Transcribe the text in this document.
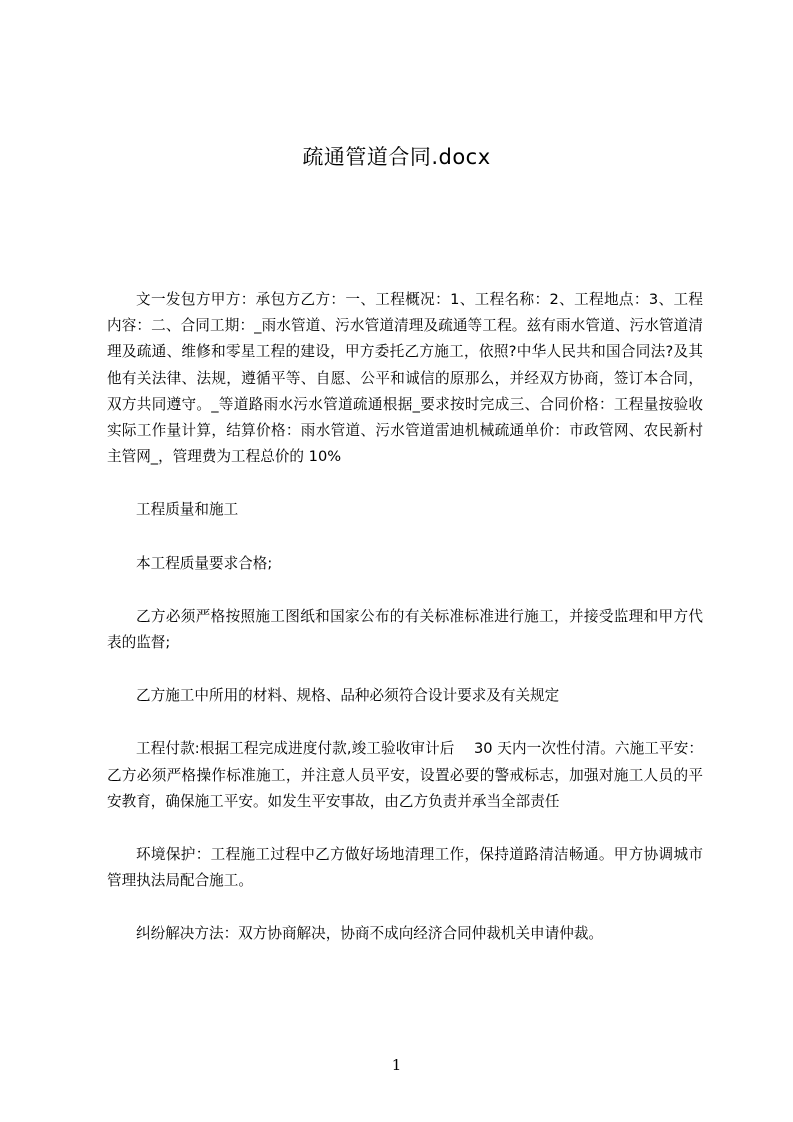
疏通管道合同.docx

文一发包方甲方：承包方乙方：一、工程概况：1、工程名称：2、工程地点：3、工程内容：二、合同工期：_雨水管道、污水管道清理及疏通等工程。兹有雨水管道、污水管道清理及疏通、维修和零星工程的建设，甲方委托乙方施工，依照?中华人民共和国合同法?及其他有关法律、法规，遵循平等、自愿、公平和诚信的原那么，并经双方协商，签订本合同，双方共同遵守。_等道路雨水污水管道疏通根据_要求按时完成三、合同价格：工程量按验收实际工作量计算，结算价格：雨水管道、污水管道雷迪机械疏通单价：市政管网、农民新村主管网_，管理费为工程总价的 10%

工程质量和施工

本工程质量要求合格;

乙方必须严格按照施工图纸和国家公布的有关标准标准进行施工，并接受监理和甲方代表的监督;

乙方施工中所用的材料、规格、品种必须符合设计要求及有关规定

工程付款:根据工程完成进度付款,竣工验收审计后　 30 天内一次性付清。六施工平安：乙方必须严格操作标准施工，并注意人员平安，设置必要的警戒标志，加强对施工人员的平安教育，确保施工平安。如发生平安事故，由乙方负责并承当全部责任

环境保护：工程施工过程中乙方做好场地清理工作，保持道路清洁畅通。甲方协调城市管理执法局配合施工。

纠纷解决方法：双方协商解决，协商不成向经济合同仲裁机关申请仲裁。

1
